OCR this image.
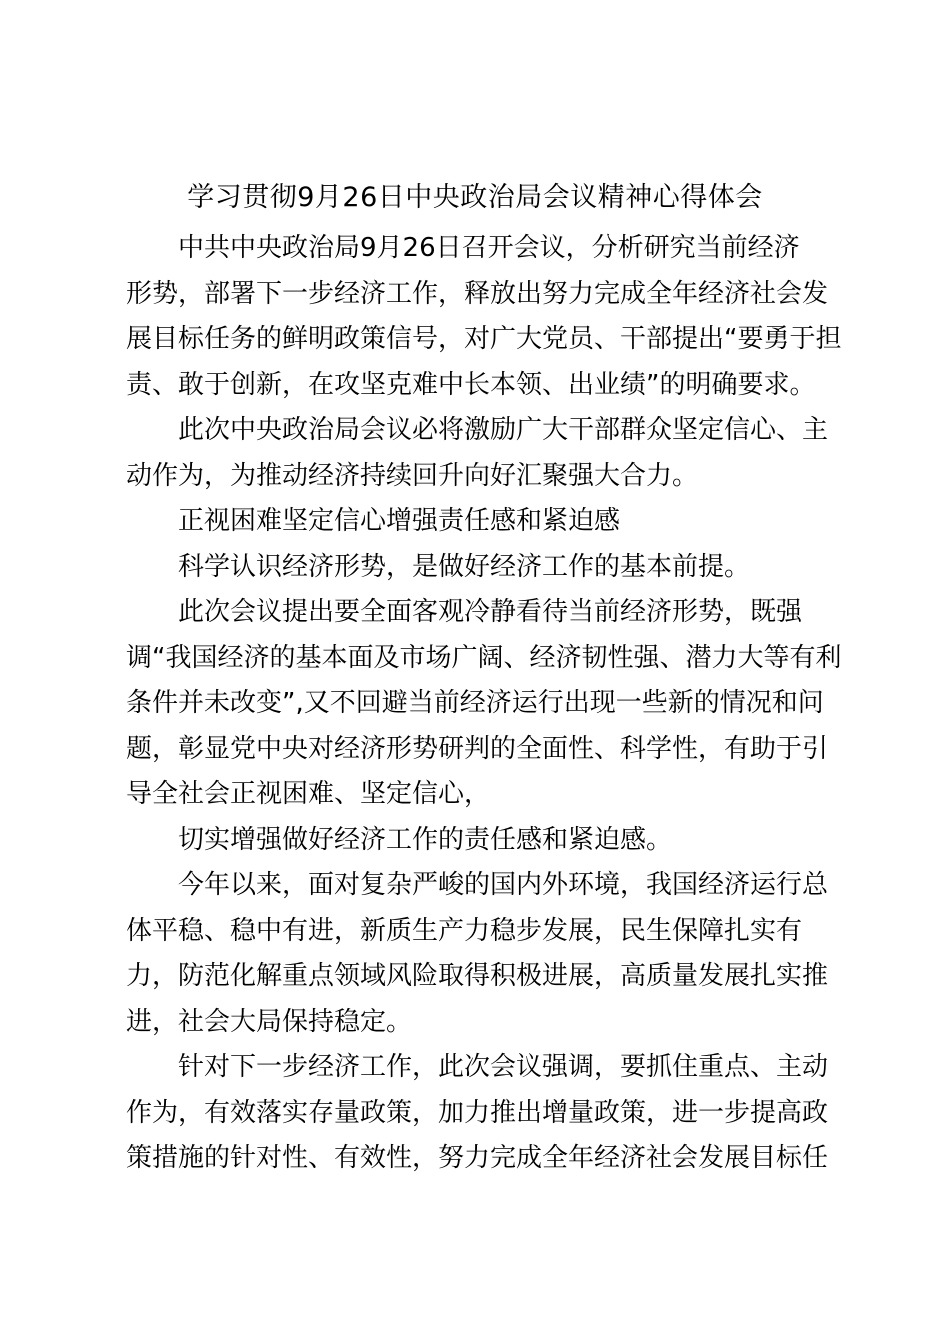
学习贯彻9月26日中央政治局会议精神心得体会

中共中央政治局9月26日召开会议，分析研究当前经济
形势，部署下一步经济工作，释放出努力完成全年经济社会发
展目标任务的鲜明政策信号，对广大党员、干部提出“要勇于担
责、敢于创新，在攻坚克难中长本领、出业绩”的明确要求。

此次中央政治局会议必将激励广大干部群众坚定信心、主
动作为，为推动经济持续回升向好汇聚强大合力。

正视困难坚定信心增强责任感和紧迫感

科学认识经济形势，是做好经济工作的基本前提。

此次会议提出要全面客观冷静看待当前经济形势，既强
调“我国经济的基本面及市场广阔、经济韧性强、潜力大等有利
条件并未改变”,又不回避当前经济运行出现一些新的情况和问
题，彰显党中央对经济形势研判的全面性、科学性，有助于引
导全社会正视困难、坚定信心，

切实增强做好经济工作的责任感和紧迫感。

今年以来，面对复杂严峻的国内外环境，我国经济运行总
体平稳、稳中有进，新质生产力稳步发展，民生保障扎实有
力，防范化解重点领域风险取得积极进展，高质量发展扎实推
进，社会大局保持稳定。

针对下一步经济工作，此次会议强调，要抓住重点、主动
作为，有效落实存量政策，加力推出增量政策，进一步提高政
策措施的针对性、有效性，努力完成全年经济社会发展目标任
